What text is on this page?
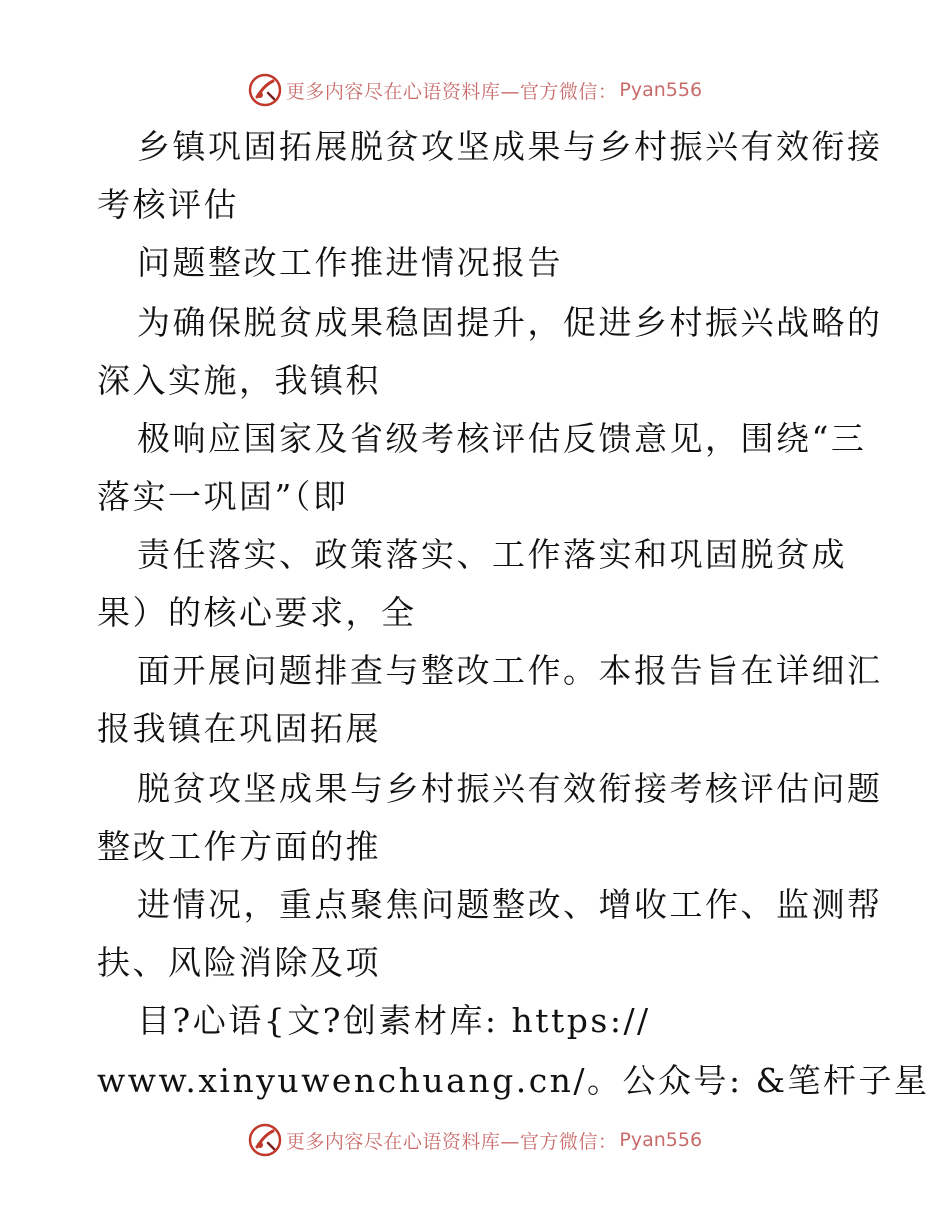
更多内容尽在心语资料库—官方微信： Pyan556
乡镇巩固拓展脱贫攻坚成果与乡村振兴有效衔接
考核评估
问题整改工作推进情况报告
为确保脱贫成果稳固提升，促进乡村振兴战略的
深入实施，我镇积
极响应国家及省级考核评估反馈意见，围绕“三
落实一巩固”（即
责任落实、政策落实、工作落实和巩固脱贫成
果）的核心要求，全
面开展问题排查与整改工作。本报告旨在详细汇
报我镇在巩固拓展
脱贫攻坚成果与乡村振兴有效衔接考核评估问题
整改工作方面的推
进情况，重点聚焦问题整改、增收工作、监测帮
扶、风险消除及项
目?心语{文?创素材库: https://
www.xinyuwenchuang.cn/。公众号: &笔杆子星
更多内容尽在心语资料库—官方微信： Pyan556
